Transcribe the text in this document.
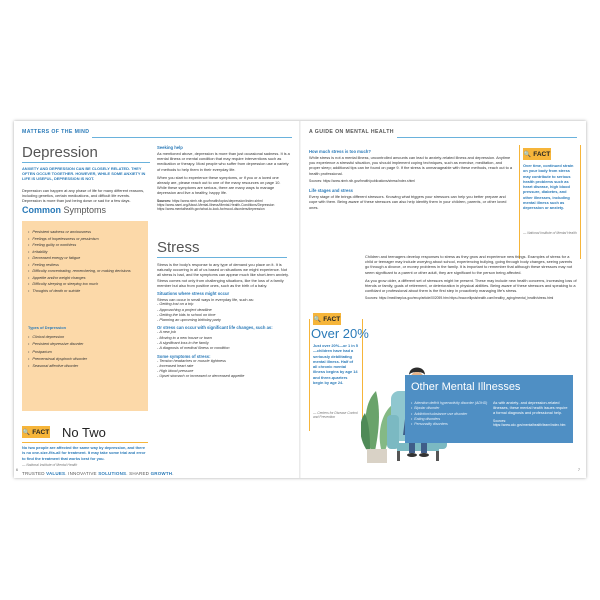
MATTERS OF THE MIND
Depression
ANXIETY AND DEPRESSION CAN BE CLOSELY RELATED. THEY OFTEN OCCUR TOGETHER. HOWEVER, WHILE SOME ANXIETY IN LIFE IS USEFUL, DEPRESSION IS NOT.
Depression can happen at any phase of life for many different reasons, including genetics, certain medications, and difficult life events. Depression is more than just being down or sad for a few days.
Common Symptoms
• Persistent sadness or anxiousness
• Feelings of hopelessness or pessimism
• Feeling guilty or worthless
• Irritability
• Decreased energy or fatigue
• Feeling restless
• Difficulty concentrating, remembering, or making decisions
• Appetite and/or weight changes
• Difficulty sleeping or sleeping too much
• Thoughts of death or suicide
Types of Depression
• Clinical depression
• Persistent depressive disorder
• Postpartum
• Premenstrual dysphoric disorder
• Seasonal affective disorder
🔍 FACT No Two
No two people are affected the same way by depression, and there is no one-size-fits-all for treatment. It may take some trial and error to find the treatment that works best for you.
— National Institute of Mental Health
Seeking help
As mentioned above, depression is more than just occasional sadness. It is a mental illness or mental condition that may require interventions such as medication or therapy. Most people who suffer from depression use a variety of methods to help them in their everyday life.
When you start to experience these symptoms, or if you or a loved one already are, please reach out to one of the many resources on page 10. While these symptoms are serious, there are many ways to manage depression and live a healthy, happy life.
Sources: https://www.nimh.nih.gov/health/topics/depression/index.shtml https://www.nami.org/About-Mental-Illness/Mental-Health-Conditions/Depression https://www.mentalhealth.gov/what-to-look-for/mood-disorders/depression
Stress
Stress is the body's response to any type of demand you place on it. It is naturally occurring in all of us based on situations we might experience. Not all stress is bad, and the symptoms can appear much like short-term anxiety. Stress comes not only from challenging situations, like the loss of a family member but also from positive ones, such as the birth of a baby.
Situations where stress might occur
Stress can occur in small ways in everyday life, such as:
- Getting lost on a trip
- Approaching a project deadline
- Getting the kids to school on time
- Planning an upcoming birthday party
Or stress can occur with significant life changes, such as:
- A new job
- Moving to a new house or town
- A significant loss in the family
- A diagnosis of medical illness or condition
Some symptoms of stress:
- Tension headaches or muscle tightness
- Increased heart rate
- High blood pressure
- Upset stomach or increased or decreased appetite
TRUSTED VALUES. INNOVATIVE SOLUTIONS. SHARED GROWTH.
6
A GUIDE ON MENTAL HEALTH
How much stress is too much?
While stress is not a mental illness, uncontrolled amounts can lead to anxiety-related illness and depression. Anytime you experience a stressful situation, you should implement coping techniques, such as exercise, meditation, and proper sleep; additional tips can be found on page 9. If the stress is unmanageable with these methods, reach out to a health professional.
Sources: https://www.nimh.nih.gov/health/publications/stress/index.shtml
Life stages and stress
Every stage of life brings different stressors. Knowing what triggers your stressors can help you better prepare and cope with them. Being aware of these stressors can also help identify them in your children, parents, or other loved ones.
🔍 FACT
Over time, continued strain on your body from stress may contribute to serious health problems such as heart disease, high blood pressure, diabetes, and other illnesses, including mental illness such as depression or anxiety.
— National Institute of Mental Health
Children and teenagers develop responses to stress as they grow and experience new things. Examples of stress for a child or teenager may include worrying about school, experiencing bullying, going through body changes, seeing parents go through a divorce, or money problems in the family. It is important to remember that although these stressors may not seem significant to a parent or other adult, they are significant to the person being affected.
As you grow older, a different set of stressors might be present. These may include new health concerns, increasing loss of friends or family, goals of retirement, or deterioration in physical abilities. Being aware of these stressors and speaking to a confidant or professional about them is the first step in proactively managing life's stress.
Sources: https://medlineplus.gov/ency/article/002059.htm https://www.ellipsishealth.com/healthy_aging/mental_health/stress.html
🔍 FACT
Over 20%
Just over 20%—or 1 in 5—children have had a seriously debilitating mental illness. Half of all chronic mental illness begins by age 14 and three-quarters begin by age 24.
— Centers for Disease Control and Prevention
Other Mental Illnesses
• Attention deficit hyperactivity disorder (ADHD)
• Bipolar disorder
• Addiction/substance use disorder
• Eating disorders
• Personality disorders
As with anxiety- and depression-related illnesses, these mental health issues require a formal diagnosis and professional help.
Sources: https://www.cdc.gov/mentalhealth/learn/index.htm
7
